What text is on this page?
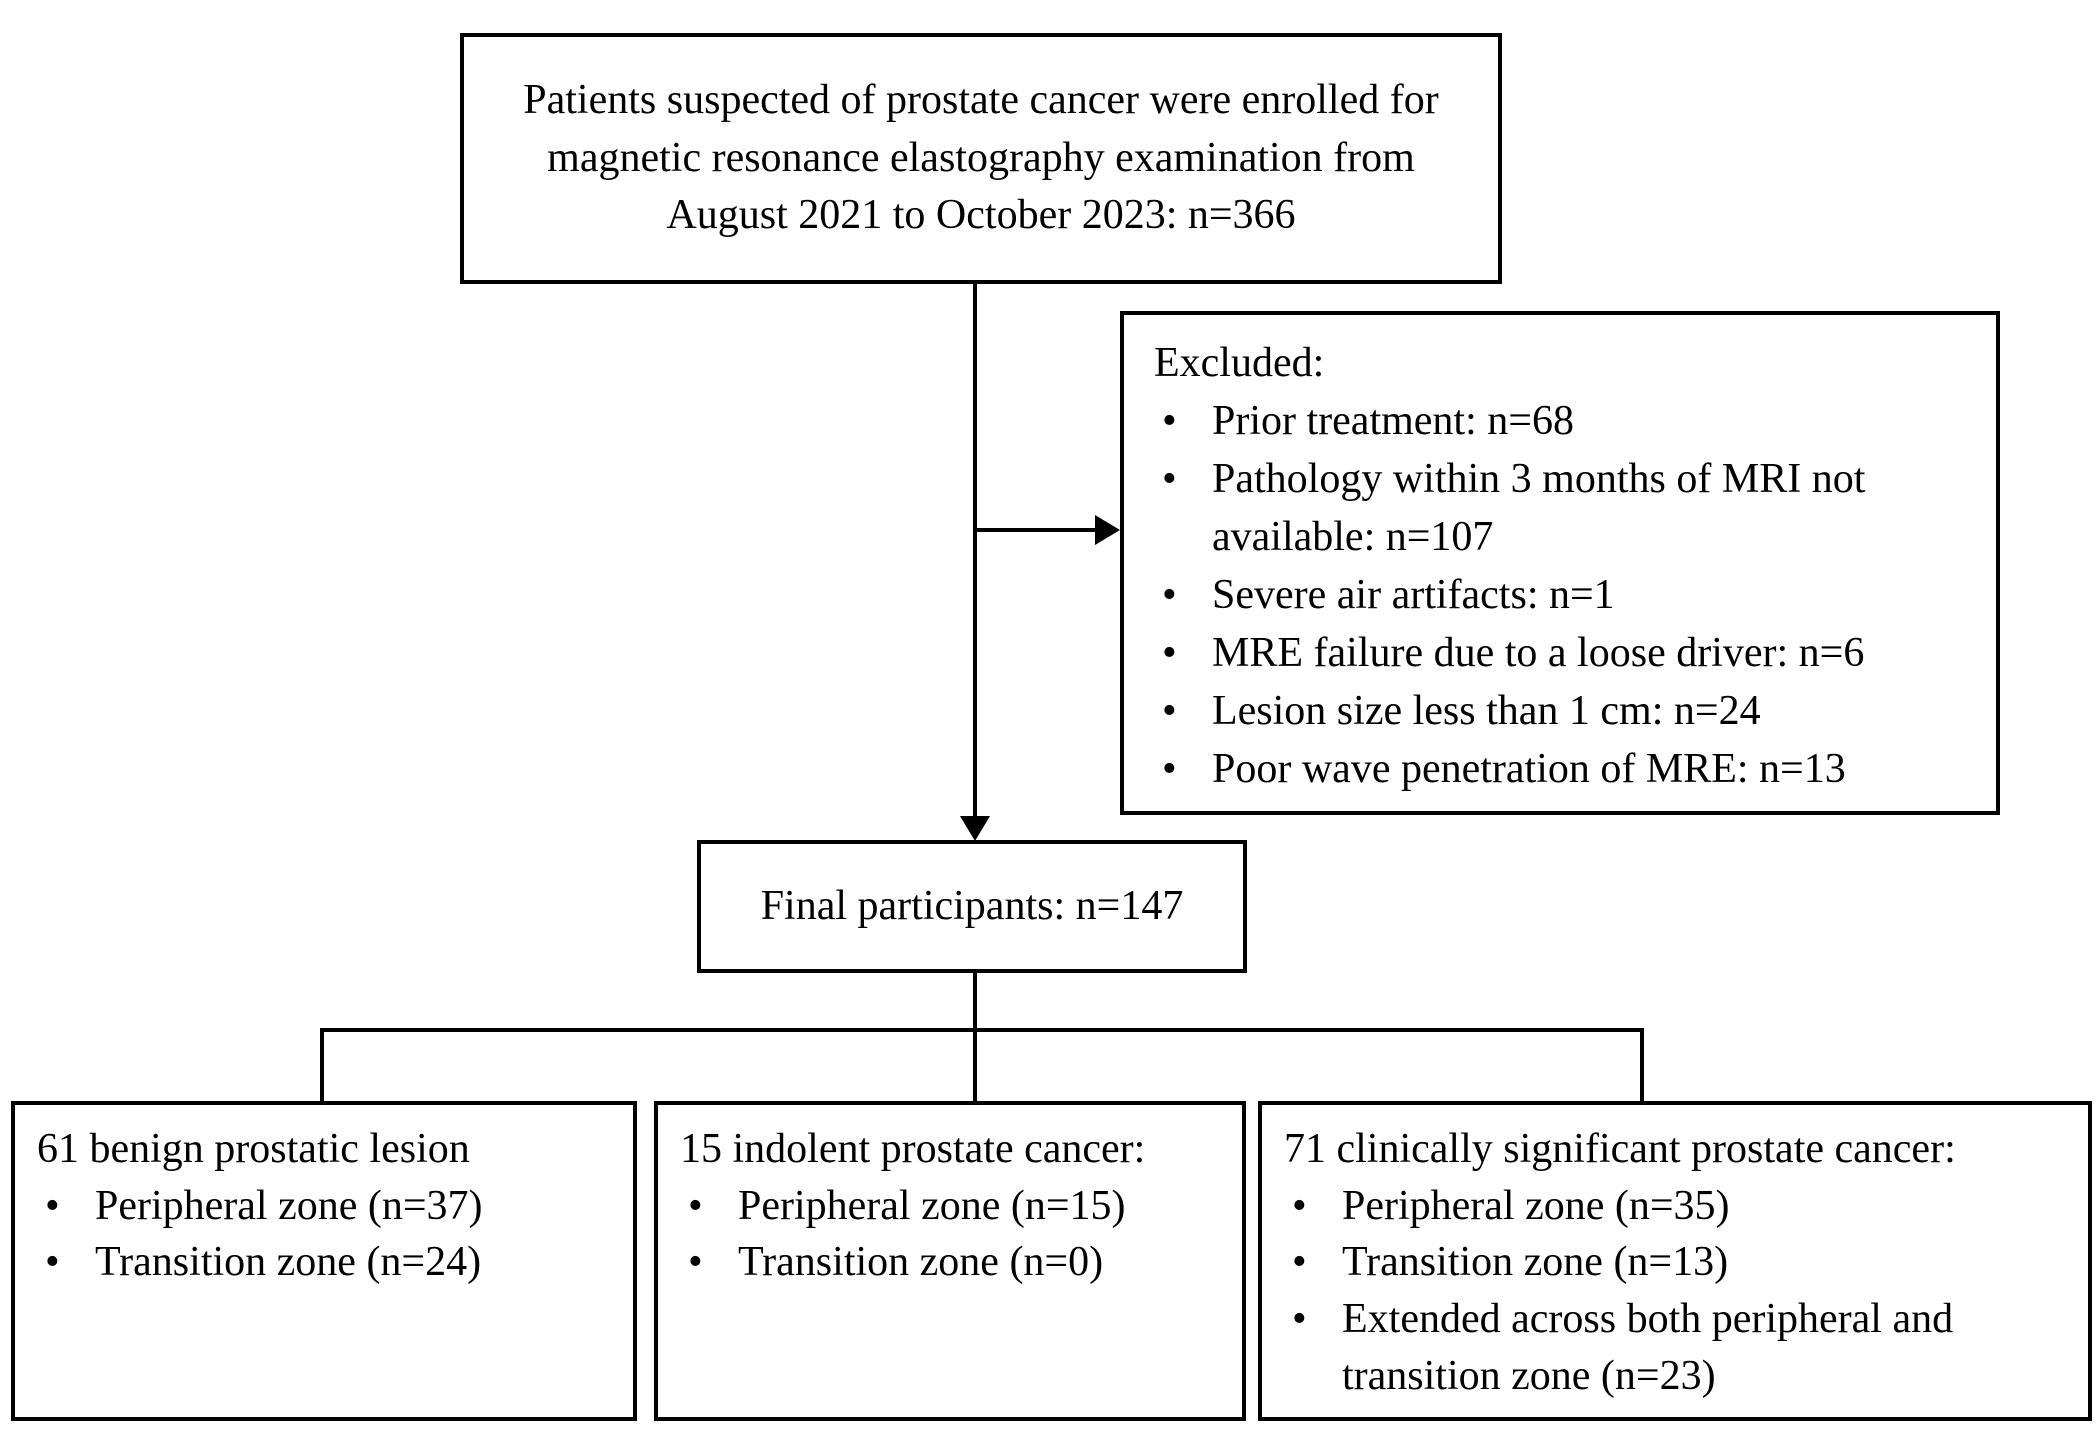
Patients suspected of prostate cancer were enrolled for magnetic resonance elastography examination from August 2021 to October 2023: n=366
Excluded:
• Prior treatment: n=68
• Pathology within 3 months of MRI not available: n=107
• Severe air artifacts: n=1
• MRE failure due to a loose driver: n=6
• Lesion size less than 1 cm: n=24
• Poor wave penetration of MRE: n=13
Final participants: n=147
61 benign prostatic lesion
• Peripheral zone (n=37)
• Transition zone (n=24)
15 indolent prostate cancer:
• Peripheral zone (n=15)
• Transition zone (n=0)
71 clinically significant prostate cancer:
• Peripheral zone (n=35)
• Transition zone (n=13)
• Extended across both peripheral and transition zone (n=23)
